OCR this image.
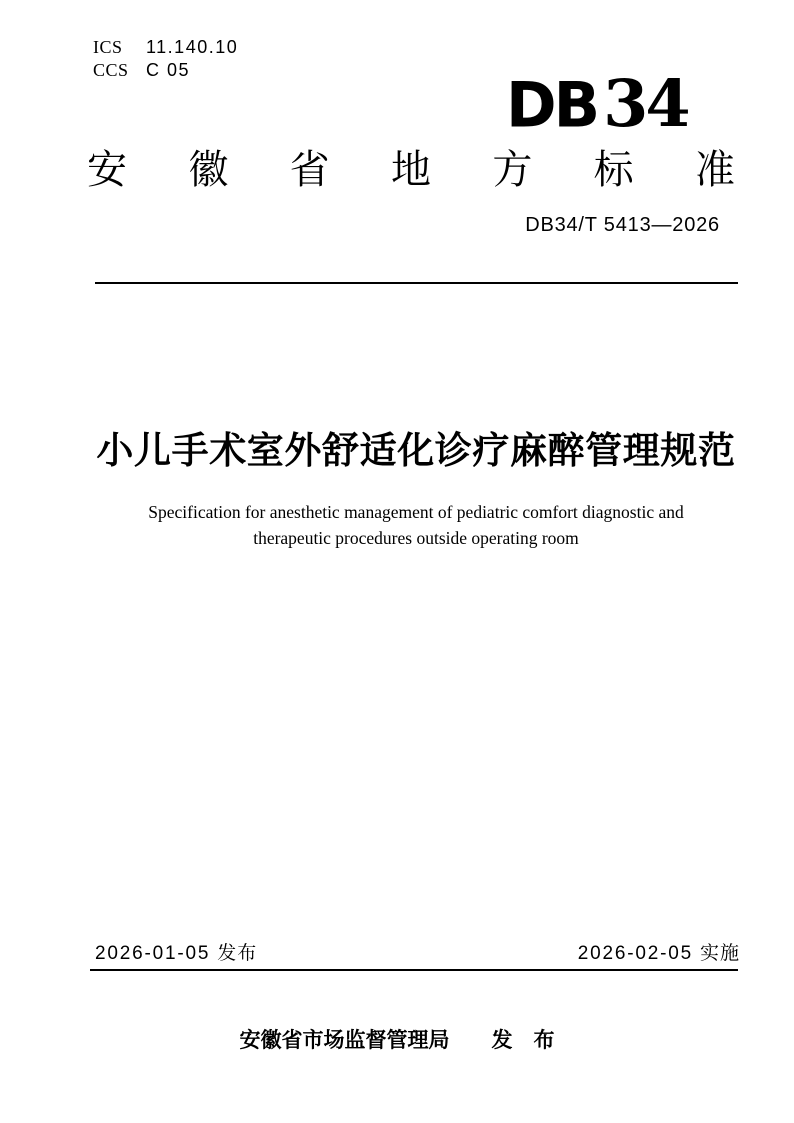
ICS	11.140.10
CCS C 05	DB 34
安 徽 省 地 方 标 准
DB34/T 5413—2026
小儿手术室外舒适化诊疗麻醉管理规范
Specification for anesthetic management of pediatric comfort diagnostic and
therapeutic procedures outside operating room
2026-01-05 发布	2026-02-05 实施
安徽省市场监督管理局 发　布
